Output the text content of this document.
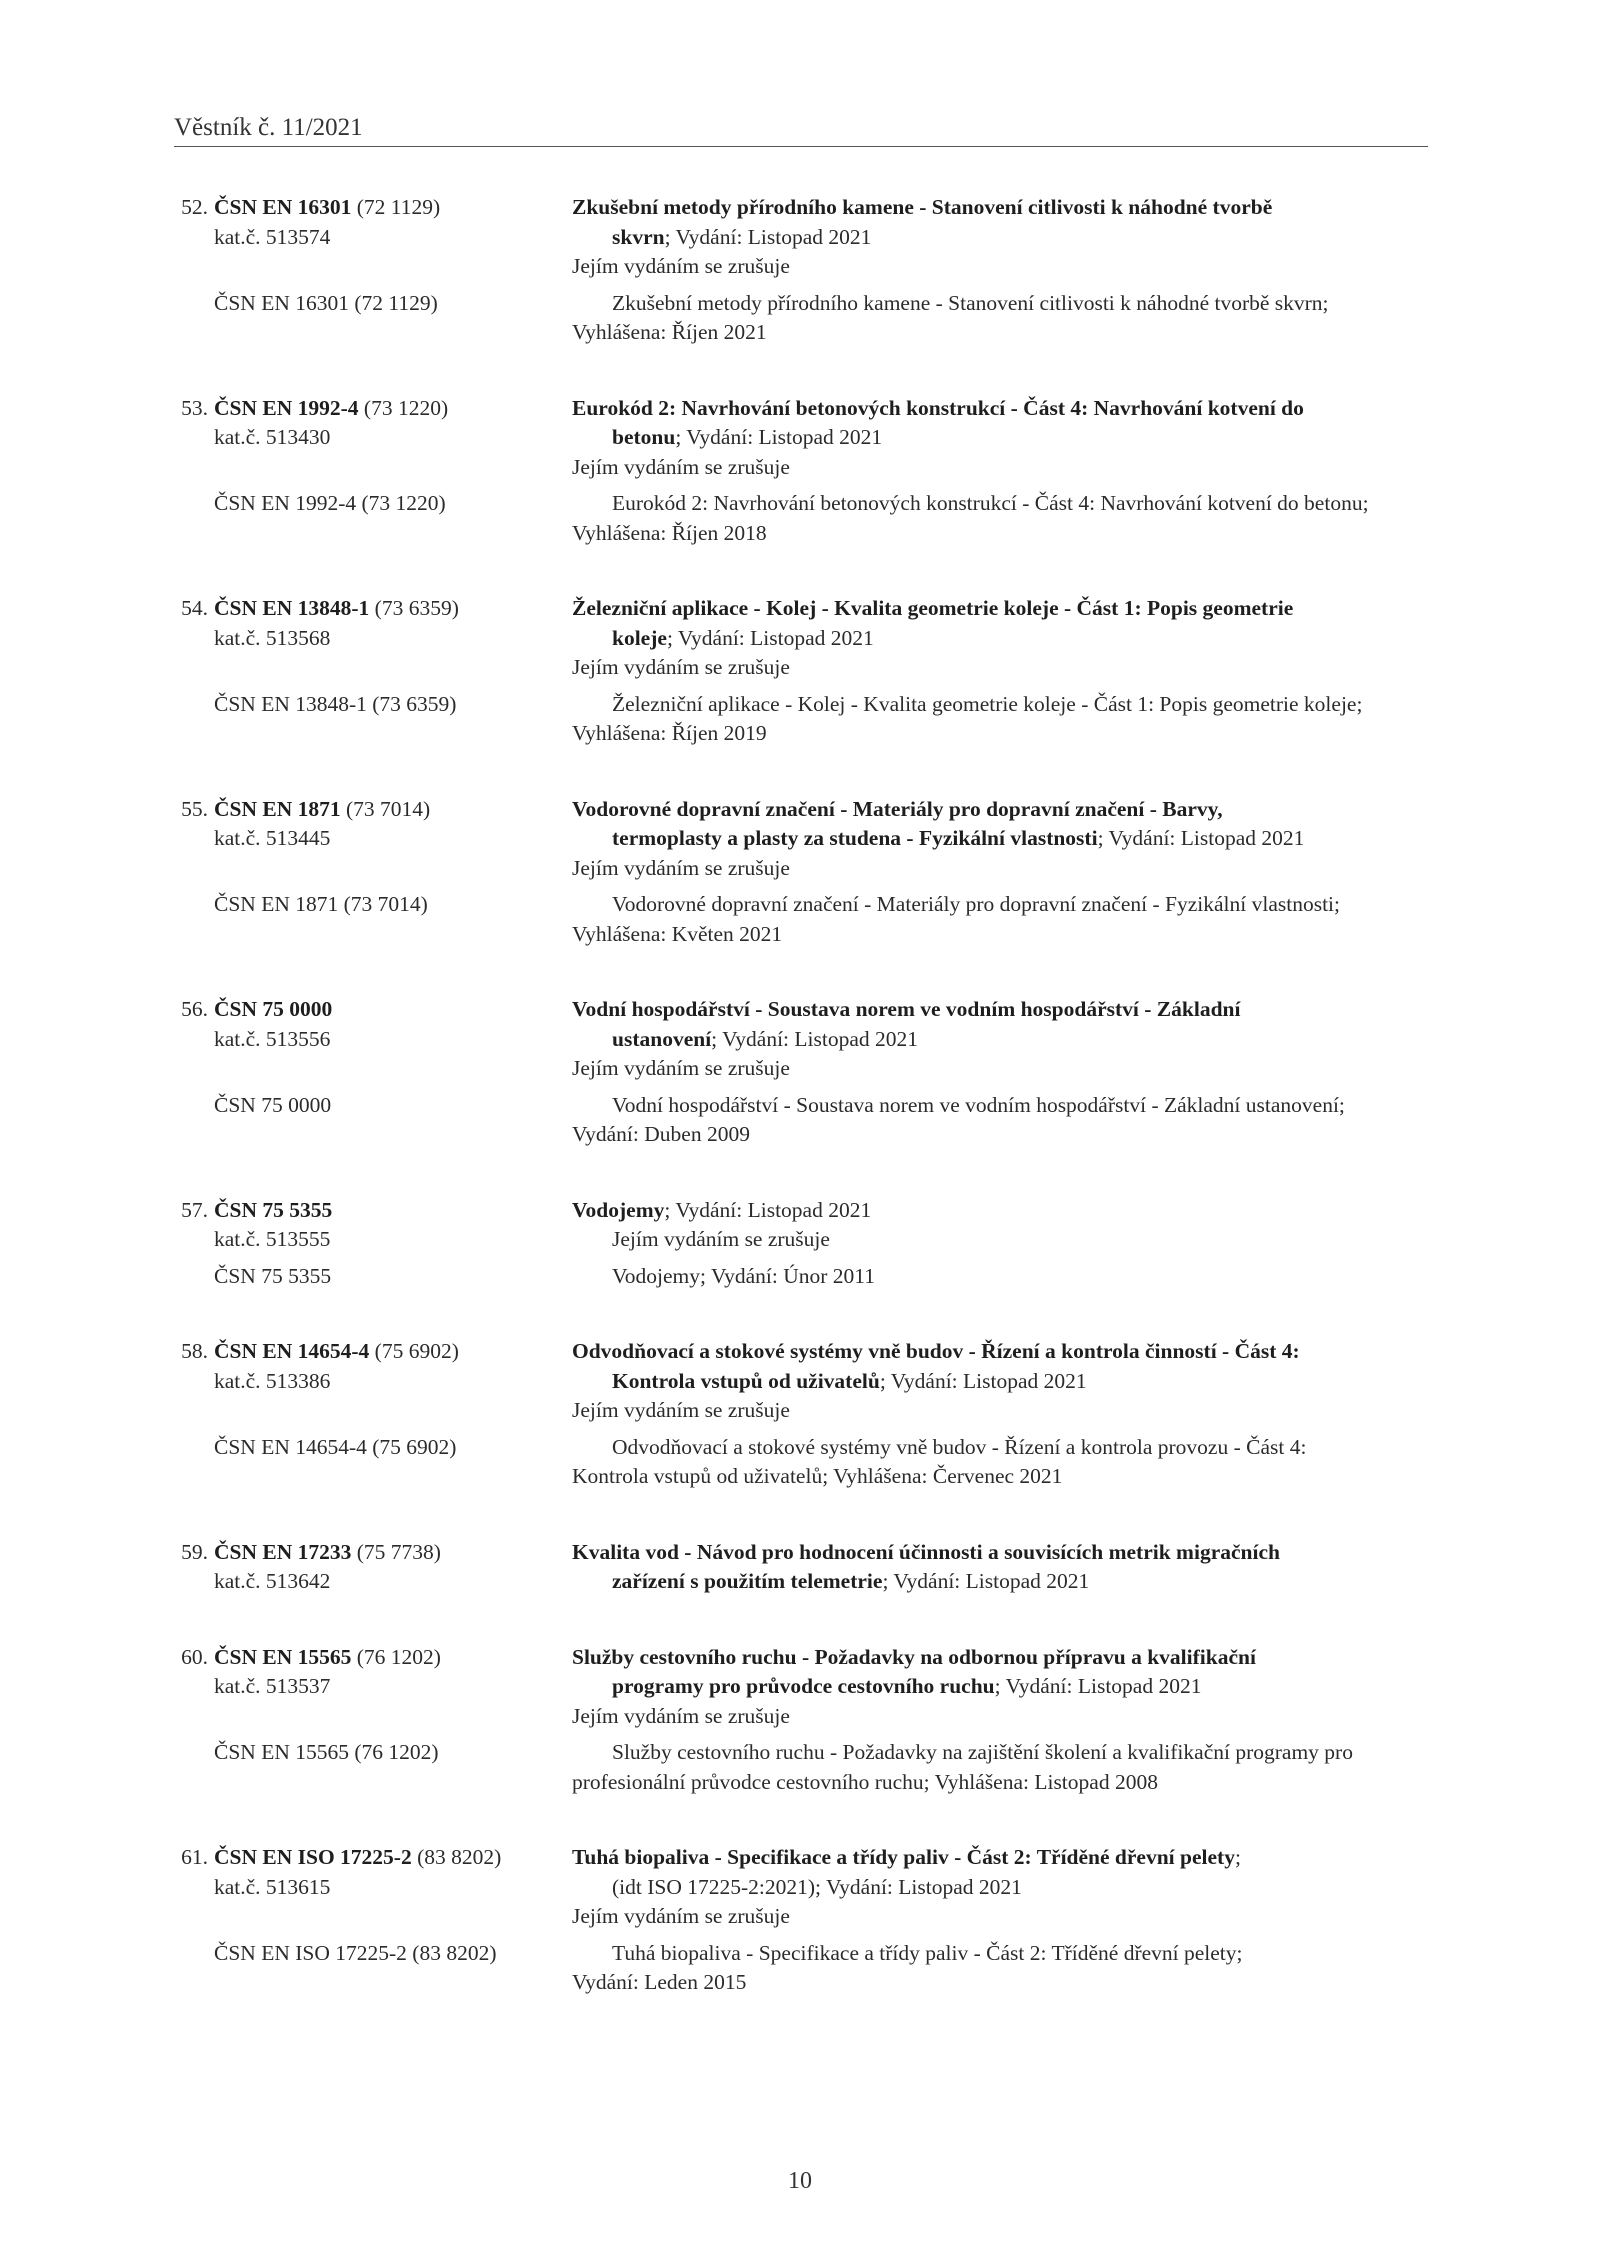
Věstník č. 11/2021
52. ČSN EN 16301 (72 1129)	Zkušební metody přírodního kamene - Stanovení citlivosti k náhodné tvorbě
kat.č. 513574	skvrn; Vydání: Listopad 2021
Jejím vydáním se zrušuje
ČSN EN 16301 (72 1129)	Zkušební metody přírodního kamene - Stanovení citlivosti k náhodné tvorbě skvrn;
Vyhlášena: Říjen 2021
53. ČSN EN 1992-4 (73 1220)	Eurokód 2: Navrhování betonových konstrukcí - Část 4: Navrhování kotvení do
kat.č. 513430	betonu; Vydání: Listopad 2021
Jejím vydáním se zrušuje
ČSN EN 1992-4 (73 1220)	Eurokód 2: Navrhování betonových konstrukcí - Část 4: Navrhování kotvení do betonu;
Vyhlášena: Říjen 2018
54. ČSN EN 13848-1 (73 6359)	Železniční aplikace - Kolej - Kvalita geometrie koleje - Část 1: Popis geometrie
kat.č. 513568	koleje; Vydání: Listopad 2021
Jejím vydáním se zrušuje
ČSN EN 13848-1 (73 6359)	Železniční aplikace - Kolej - Kvalita geometrie koleje - Část 1: Popis geometrie koleje;
Vyhlášena: Říjen 2019
55. ČSN EN 1871 (73 7014)	Vodorovné dopravní značení - Materiály pro dopravní značení - Barvy,
kat.č. 513445	termoplasty a plasty za studena - Fyzikální vlastnosti; Vydání: Listopad 2021
Jejím vydáním se zrušuje
ČSN EN 1871 (73 7014)	Vodorovné dopravní značení - Materiály pro dopravní značení - Fyzikální vlastnosti;
Vyhlášena: Květen 2021
56. ČSN 75 0000	Vodní hospodářství - Soustava norem ve vodním hospodářství - Základní
kat.č. 513556	ustanovení; Vydání: Listopad 2021
Jejím vydáním se zrušuje
ČSN 75 0000	Vodní hospodářství - Soustava norem ve vodním hospodářství - Základní ustanovení;
Vydání: Duben 2009
57. ČSN 75 5355	Vodojemy; Vydání: Listopad 2021
kat.č. 513555	Jejím vydáním se zrušuje
ČSN 75 5355	Vodojemy; Vydání: Únor 2011
58. ČSN EN 14654-4 (75 6902)	Odvodňovací a stokové systémy vně budov - Řízení a kontrola činností - Část 4:
kat.č. 513386	Kontrola vstupů od uživatelů; Vydání: Listopad 2021
Jejím vydáním se zrušuje
ČSN EN 14654-4 (75 6902)	Odvodňovací a stokové systémy vně budov - Řízení a kontrola provozu - Část 4:
Kontrola vstupů od uživatelů; Vyhlášena: Červenec 2021
59. ČSN EN 17233 (75 7738)	Kvalita vod - Návod pro hodnocení účinnosti a souvisících metrik migračních
kat.č. 513642	zařízení s použitím telemetrie; Vydání: Listopad 2021
60. ČSN EN 15565 (76 1202)	Služby cestovního ruchu - Požadavky na odbornou přípravu a kvalifikační
kat.č. 513537	programy pro průvodce cestovního ruchu; Vydání: Listopad 2021
Jejím vydáním se zrušuje
ČSN EN 15565 (76 1202)	Služby cestovního ruchu - Požadavky na zajištění školení a kvalifikační programy pro
profesionální průvodce cestovního ruchu; Vyhlášena: Listopad 2008
61. ČSN EN ISO 17225-2 (83 8202)	Tuhá biopaliva - Specifikace a třídy paliv - Část 2: Tříděné dřevní pelety;
kat.č. 513615	(idt ISO 17225-2:2021); Vydání: Listopad 2021
Jejím vydáním se zrušuje
ČSN EN ISO 17225-2 (83 8202)	Tuhá biopaliva - Specifikace a třídy paliv - Část 2: Tříděné dřevní pelety;
Vydání: Leden 2015
10
